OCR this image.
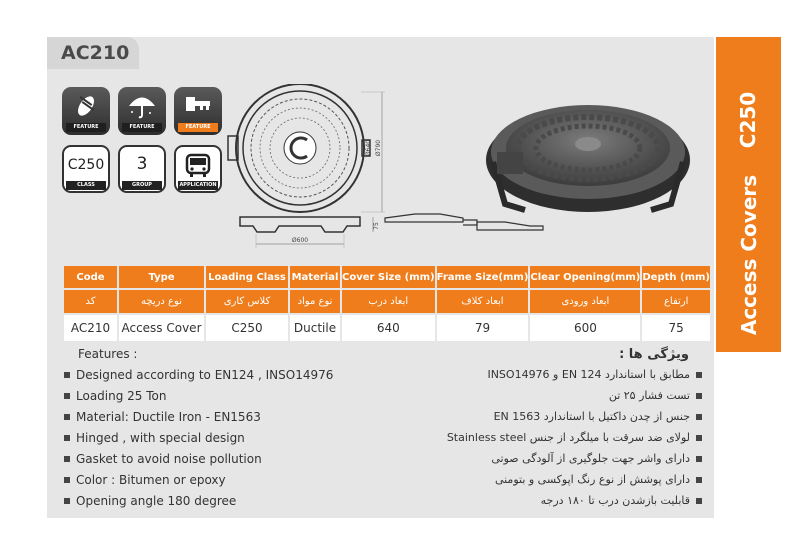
AC210
C250
Access Covers
FEATURE	FEATURE	FEATURE
C250
CLASS
3
GROUP	APPLICATION
Ø640 Ø790
Ø600
75
Code	Type	Loading Class	Material	Cover Size (mm)	Frame Size(mm)	Clear Opening(mm)	Depth (mm)
کد	نوع دریچه	کلاس کاری	نوع مواد	ابعاد درب	ابعاد کلاف	ابعاد ورودی	ارتفاع
AC210	Access Cover	C250	Ductile	640	79	600	75
Features :
Designed according to EN124 , INSO14976
Loading 25 Ton
Material: Ductile Iron - EN1563
Hinged , with special design
Gasket to avoid noise pollution
Color : Bitumen or epoxy
Opening angle 180 degree
ویژگی ها :
مطابق با استاندارد EN 124 و INSO14976
تست فشار ۲۵ تن
جنس از چدن داکتیل با استاندارد EN 1563
لولای ضد سرقت با میلگرد از جنس Stainless steel
دارای واشر جهت جلوگیری از آلودگی صوتی
دارای پوشش از نوع رنگ اپوکسی و بتومنی
قابلیت بازشدن درب تا ۱۸۰ درجه
